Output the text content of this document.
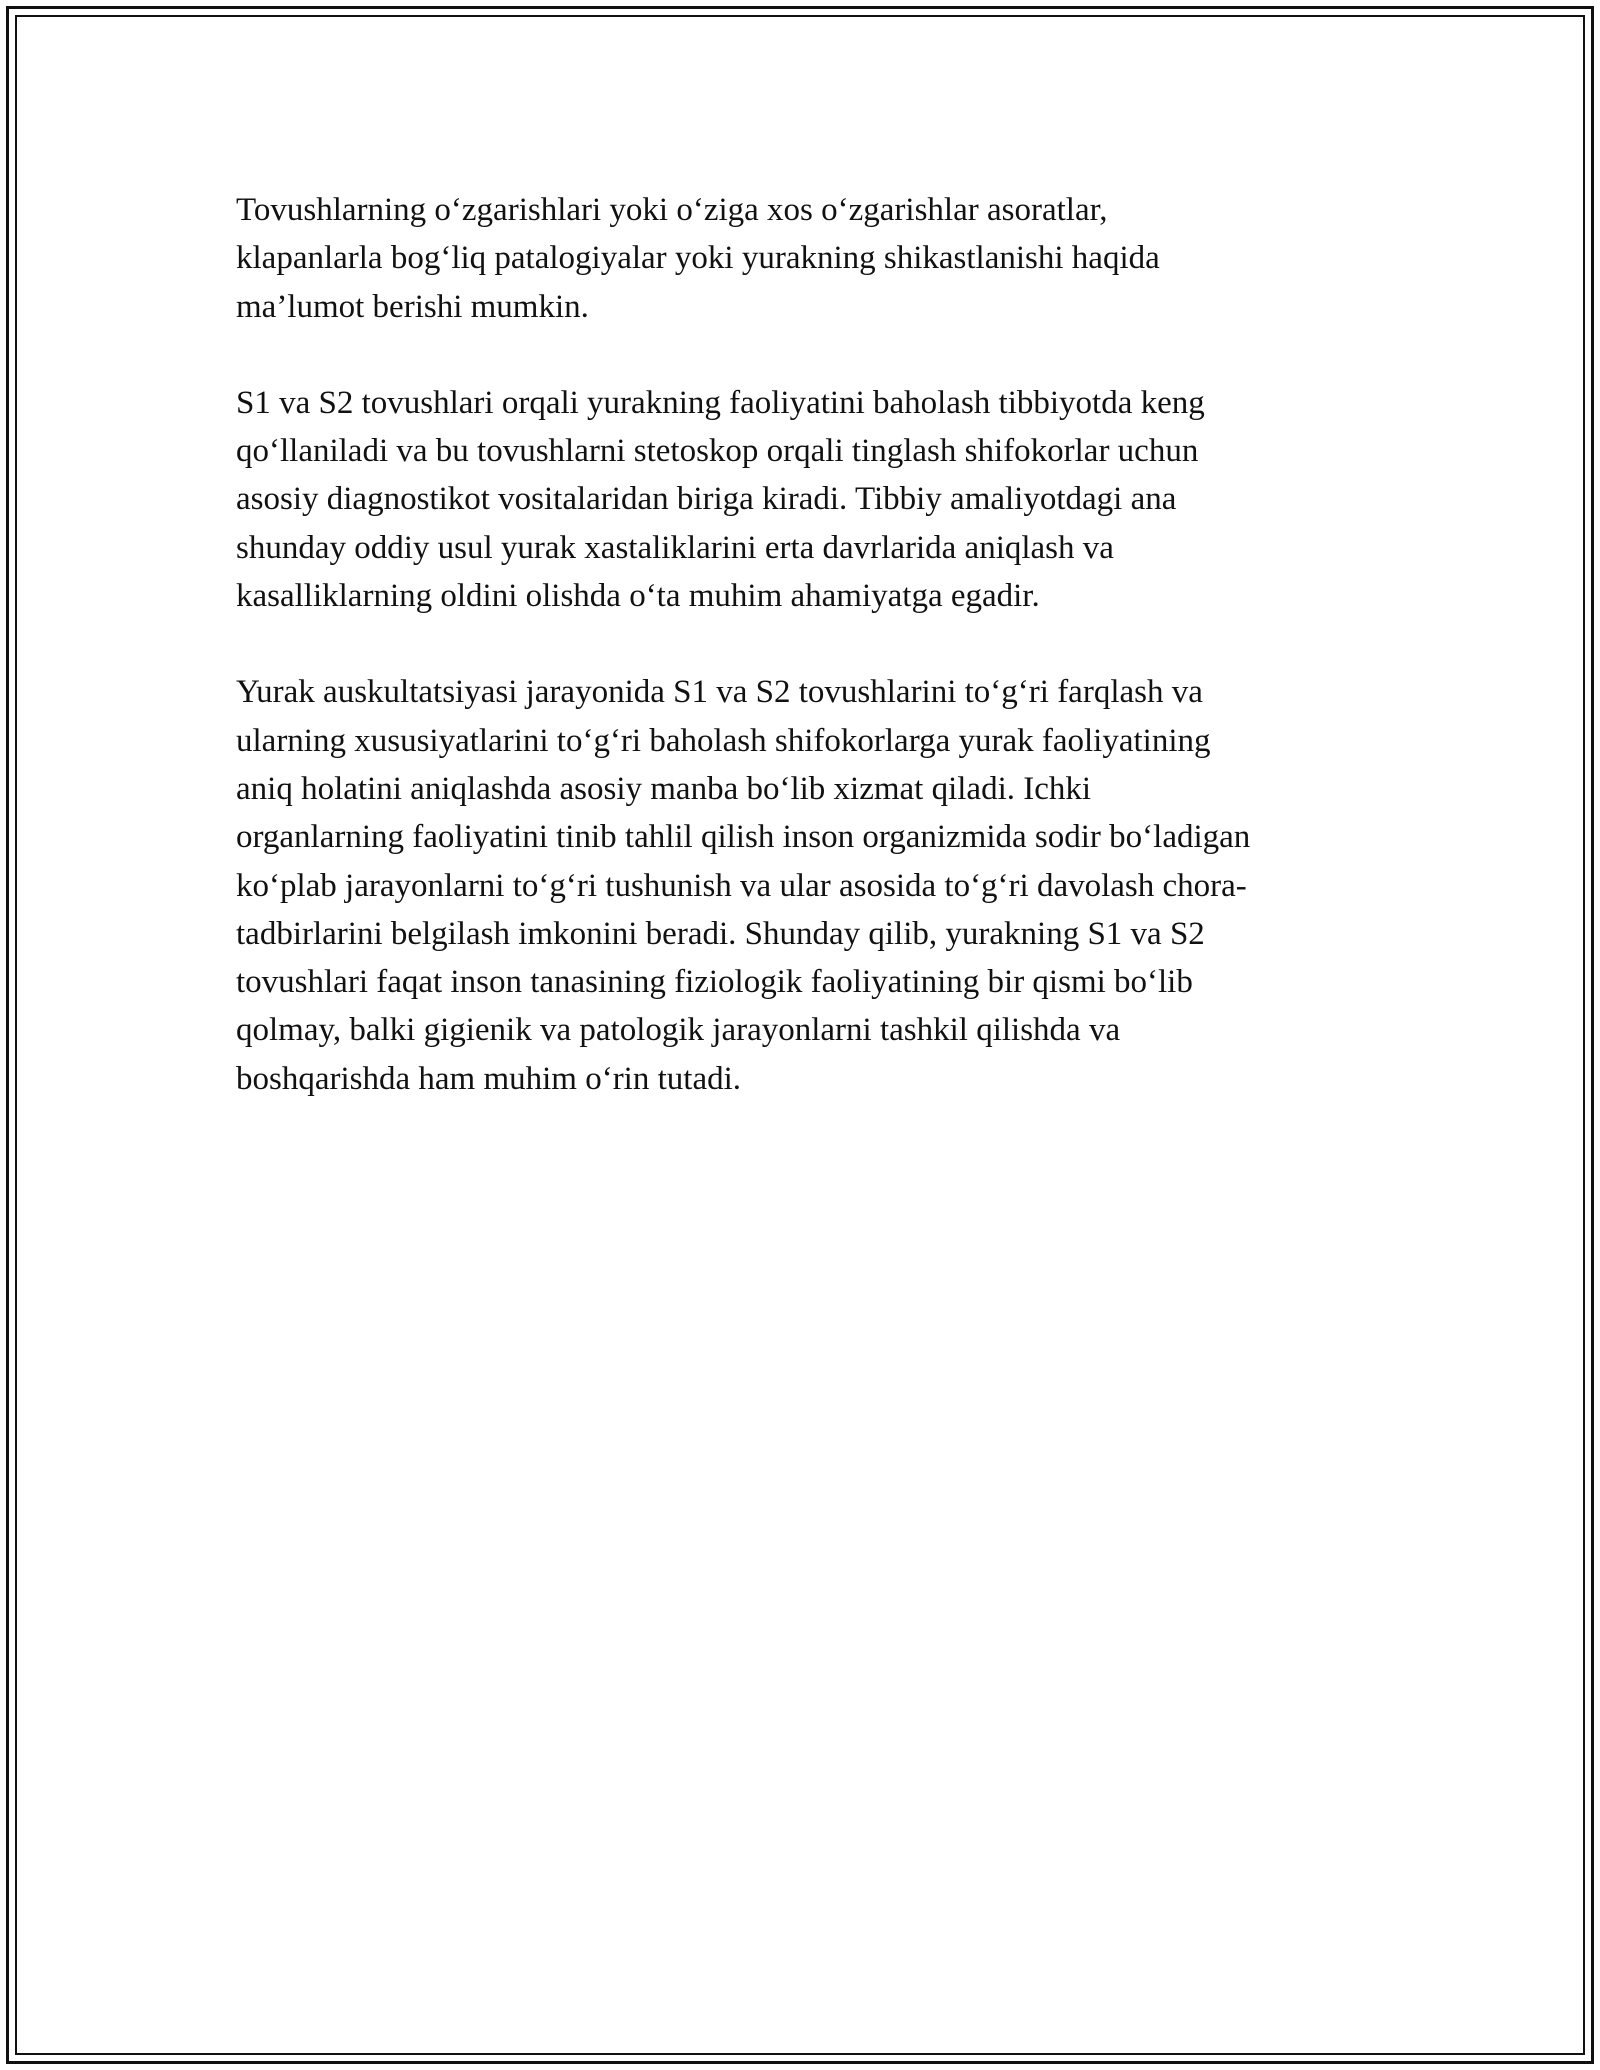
Tovushlarning o‘zgarishlari yoki o‘ziga xos o‘zgarishlar asoratlar,
klapanlarla bog‘liq patalogiyalar yoki yurakning shikastlanishi haqida
ma’lumot berishi mumkin.

S1 va S2 tovushlari orqali yurakning faoliyatini baholash tibbiyotda keng
qo‘llaniladi va bu tovushlarni stetoskop orqali tinglash shifokorlar uchun
asosiy diagnostikot vositalaridan biriga kiradi. Tibbiy amaliyotdagi ana
shunday oddiy usul yurak xastaliklarini erta davrlarida aniqlash va
kasalliklarning oldini olishda o‘ta muhim ahamiyatga egadir.

Yurak auskultatsiyasi jarayonida S1 va S2 tovushlarini to‘g‘ri farqlash va
ularning xususiyatlarini to‘g‘ri baholash shifokorlarga yurak faoliyatining
aniq holatini aniqlashda asosiy manba bo‘lib xizmat qiladi. Ichki
organlarning faoliyatini tinib tahlil qilish inson organizmida sodir bo‘ladigan
ko‘plab jarayonlarni to‘g‘ri tushunish va ular asosida to‘g‘ri davolash chora-
tadbirlarini belgilash imkonini beradi. Shunday qilib, yurakning S1 va S2
tovushlari faqat inson tanasining fiziologik faoliyatining bir qismi bo‘lib
qolmay, balki gigienik va patologik jarayonlarni tashkil qilishda va
boshqarishda ham muhim o‘rin tutadi.
